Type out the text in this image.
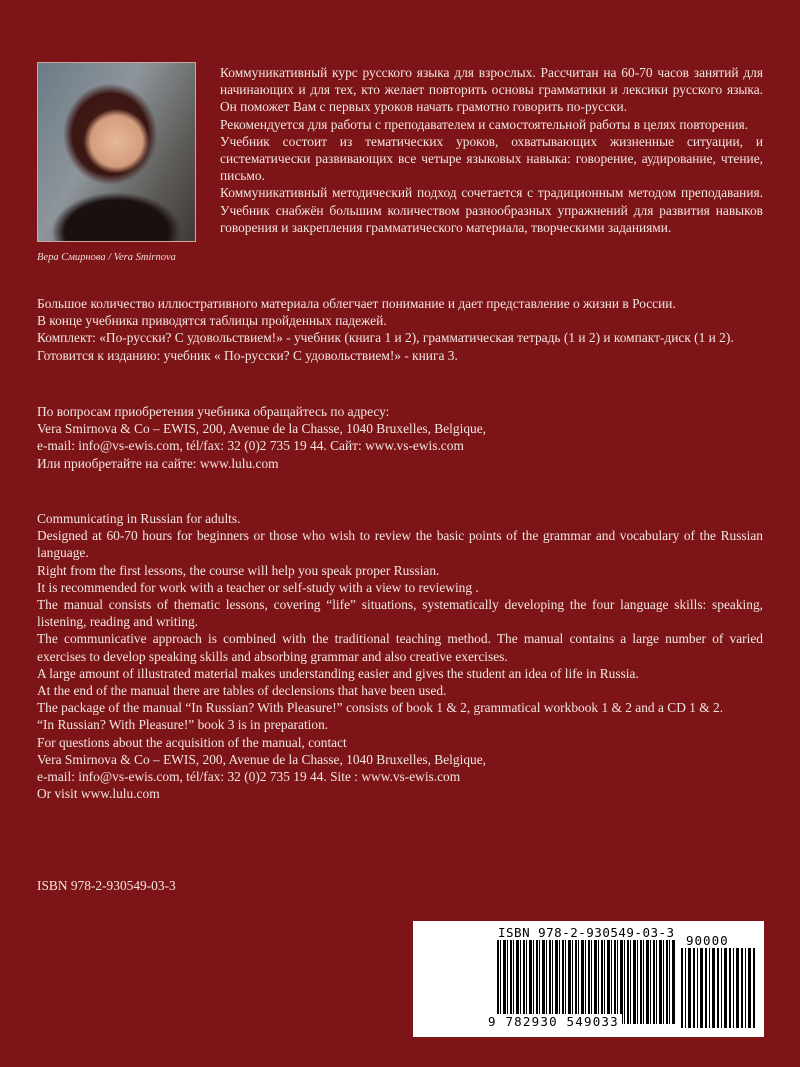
Вера Смирнова / Vera Smirnova

Коммуникативный курс русского языка для взрослых. Рассчитан на 60-70 часов занятий для начинающих и для тех, кто желает повторить основы грамматики и лексики русского языка. Он поможет Вам с первых уроков начать грамотно говорить по-русски.

Рекомендуется для работы с преподавателем и самостоятельной работы в целях повторения.

Учебник состоит из тематических уроков, охватывающих жизненные ситуации, и систематически развивающих все четыре языковых навыка: говорение, аудирование, чтение, письмо.

Коммуникативный методический подход сочетается с традиционным методом преподавания. Учебник снабжён большим количеством разнообразных упражнений для развития навыков говорения и закрепления грамматического материала, творческими заданиями.

Большое количество иллюстративного материала облегчает понимание и дает представление о жизни в России.

В конце учебника приводятся таблицы пройденных падежей.

Комплект: «По-русски? С удовольствием!» - учебник (книга 1 и 2), грамматическая тетрадь (1 и 2) и компакт-диск (1 и 2).

Готовится к изданию: учебник « По-русски? С удовольствием!» - книга 3.

По вопросам приобретения учебника обращайтесь по адресу:

Vera Smirnova & Co – EWIS, 200, Avenue de la Chasse, 1040 Bruxelles, Belgique,

e-mail: info@vs-ewis.com, tél/fax: 32 (0)2 735 19 44. Сайт: www.vs-ewis.com

Или приобретайте на сайте: www.lulu.com

Communicating in Russian for adults.

Designed at 60-70 hours for beginners or those who wish to review the basic points of the grammar and vocabulary of the Russian language.

Right from the first lessons, the course will help you speak proper Russian.

It is recommended for work with a teacher or self-study with a view to reviewing .

The manual consists of thematic lessons, covering “life” situations, systematically developing the four language skills: speaking, listening, reading and writing.

The communicative approach is combined with the traditional teaching method. The manual contains a large number of varied exercises to develop speaking skills and absorbing grammar and also creative exercises.

A large amount of illustrated material makes understanding easier and gives the student an idea of life in Russia.

At the end of the manual there are tables of declensions that have been used.

The package of the manual “In Russian? With Pleasure!” consists of book 1 & 2, grammatical workbook 1 & 2 and a CD 1 & 2.

“In Russian? With Pleasure!” book 3 is in preparation.

For questions about the acquisition of the manual, contact

Vera Smirnova & Co – EWIS, 200, Avenue de la Chasse, 1040 Bruxelles, Belgique,

e-mail: info@vs-ewis.com, tél/fax: 32 (0)2 735 19 44. Site : www.vs-ewis.com

Or visit www.lulu.com

ISBN 978-2-930549-03-3
ISBN 978-2-930549-03-3
9 782930 549033
90000
